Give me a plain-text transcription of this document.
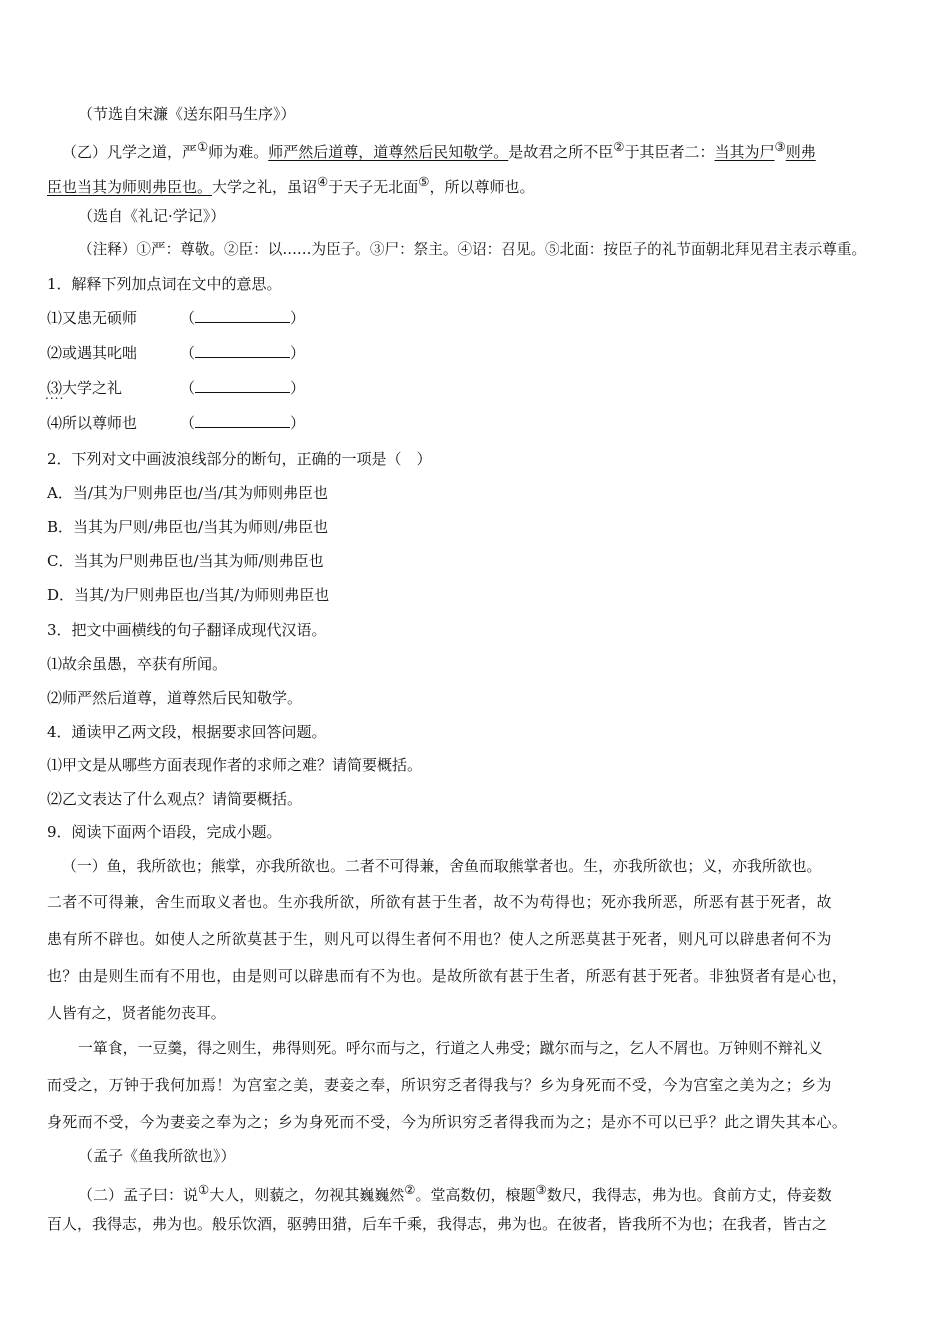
（节选自宋濂《送东阳马生序》）
（乙）凡学之道，严①师为难。师严然后道尊，道尊然后民知敬学。是故君之所不臣②于其臣者二：当其为尸③则弗
臣也当其为师则弗臣也。大学之礼，虽诏④于天子无北面⑤，所以尊师也。
（选自《礼记·学记》）
（注释）①严：尊敬。②臣：以……为臣子。③尸：祭主。④诏：召见。⑤北面：按臣子的礼节面朝北拜见君主表示尊重。
1．解释下列加点词在文中的意思。
⑴又患无硕师	（	）
⑵或遇其叱咄	（	）
⑶大学之礼 ....	（	）
⑷所以尊师也	（	）
2．下列对文中画波浪线部分的断句，正确的一项是（　）
A．当/其为尸则弗臣也/当/其为师则弗臣也
B．当其为尸则/弗臣也/当其为师则/弗臣也
C．当其为尸则弗臣也/当其为师/则弗臣也
D．当其/为尸则弗臣也/当其/为师则弗臣也
3．把文中画横线的句子翻译成现代汉语。
⑴故余虽愚，卒获有所闻。
⑵师严然后道尊，道尊然后民知敬学。
4．通读甲乙两文段，根据要求回答问题。
⑴甲文是从哪些方面表现作者的求师之难？请简要概括。
⑵乙文表达了什么观点？请简要概括。
9．阅读下面两个语段，完成小题。
（一）鱼，我所欲也；熊掌，亦我所欲也。二者不可得兼，舍鱼而取熊掌者也。生，亦我所欲也；义，亦我所欲也。
二者不可得兼，舍生而取义者也。生亦我所欲，所欲有甚于生者，故不为苟得也；死亦我所恶，所恶有甚于死者，故
患有所不辟也。如使人之所欲莫甚于生，则凡可以得生者何不用也？使人之所恶莫甚于死者，则凡可以辟患者何不为
也？由是则生而有不用也，由是则可以辟患而有不为也。是故所欲有甚于生者，所恶有甚于死者。非独贤者有是心也，
人皆有之，贤者能勿丧耳。
一箪食，一豆羹，得之则生，弗得则死。呼尔而与之，行道之人弗受；蹴尔而与之，乞人不屑也。万钟则不辩礼义
而受之，万钟于我何加焉！为宫室之美，妻妾之奉，所识穷乏者得我与？乡为身死而不受，今为宫室之美为之；乡为
身死而不受，今为妻妾之奉为之；乡为身死而不受，今为所识穷乏者得我而为之；是亦不可以已乎？此之谓失其本心。
（孟子《鱼我所欲也》）
（二）孟子曰：说①大人，则藐之，勿视其巍巍然②。堂高数仞，榱题③数尺，我得志，弗为也。食前方丈，侍妾数
百人，我得志，弗为也。般乐饮酒，驱骋田猎，后车千乘，我得志，弗为也。在彼者，皆我所不为也；在我者，皆古之
